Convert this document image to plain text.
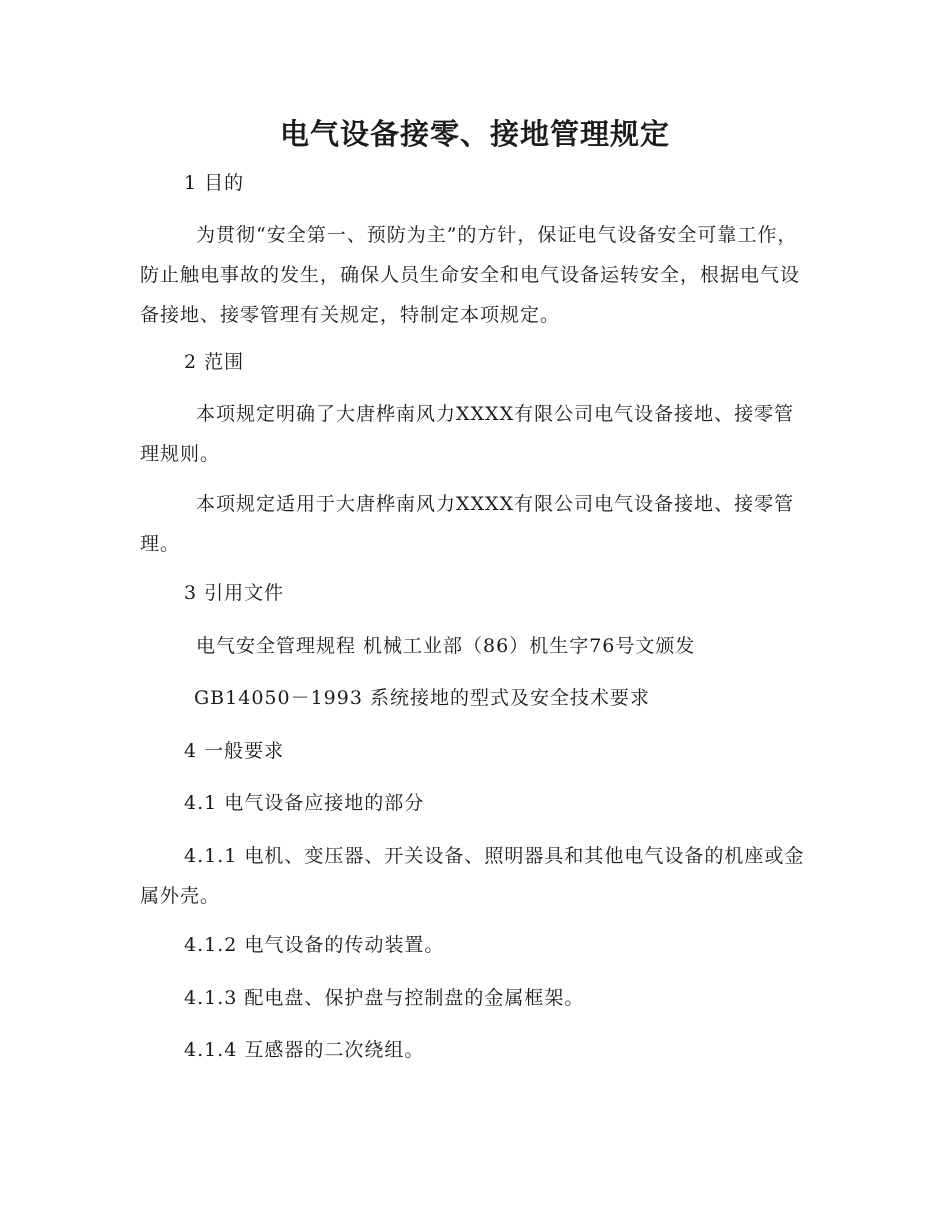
电气设备接零、接地管理规定

1 目的

为贯彻“安全第一、预防为主”的方针，保证电气设备安全可靠工作，防止触电事故的发生，确保人员生命安全和电气设备运转安全，根据电气设备接地、接零管理有关规定，特制定本项规定。

2 范围

本项规定明确了大唐桦南风力XXXX有限公司电气设备接地、接零管理规则。

本项规定适用于大唐桦南风力XXXX有限公司电气设备接地、接零管理。

3 引用文件

电气安全管理规程 机械工业部（86）机生字76号文颁发

GB14050－1993 系统接地的型式及安全技术要求

4 一般要求

4.1 电气设备应接地的部分

4.1.1 电机、变压器、开关设备、照明器具和其他电气设备的机座或金属外壳。

4.1.2 电气设备的传动装置。

4.1.3 配电盘、保护盘与控制盘的金属框架。

4.1.4 互感器的二次绕组。
